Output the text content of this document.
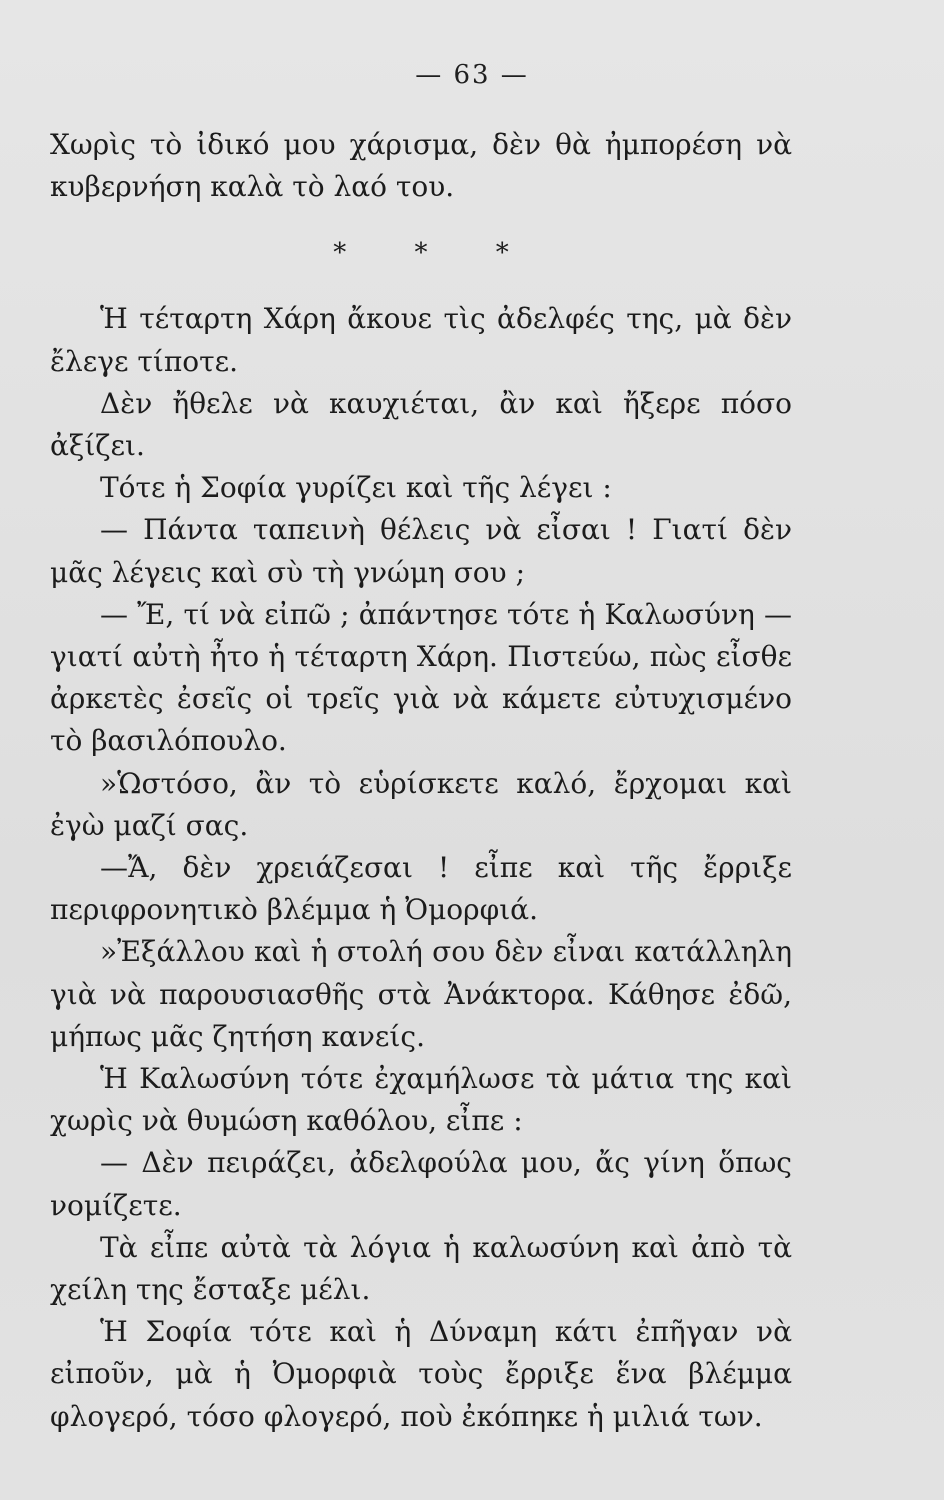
— 63 —

Χωρὶς τὸ ἰδικό μου χάρισμα, δὲν θὰ ἠμπορέση νὰ κυβερνήση καλὰ τὸ λαό του.

* * *

Ἡ τέταρτη Χάρη ἄκουε τὶς ἀδελφές της, μὰ δὲν ἔλεγε τίποτε.

Δὲν ἤθελε νὰ καυχιέται, ἂν καὶ ἤξερε πόσο ἀξίζει.

Τότε ἡ Σοφία γυρίζει καὶ τῆς λέγει :

— Πάντα ταπεινὴ θέλεις νὰ εἶσαι ! Γιατί δὲν μᾶς λέγεις καὶ σὺ τὴ γνώμη σου ;

— Ἔ, τί νὰ εἰπῶ ; ἀπάντησε τότε ἡ Καλωσύνη —γιατί αὐτὴ ἦτο ἡ τέταρτη Χάρη. Πιστεύω, πὼς εἶσθε ἀρκετὲς ἐσεῖς οἱ τρεῖς γιὰ νὰ κάμετε εὐτυχισμένο τὸ βασιλόπουλο.

»Ὡστόσο, ἂν τὸ εὑρίσκετε καλό, ἔρχομαι καὶ ἐγὼ μαζί σας.

—Ἄ, δὲν χρειάζεσαι ! εἶπε καὶ τῆς ἔρριξε περιφρονητικὸ βλέμμα ἡ Ὀμορφιά.

»Ἐξάλλου καὶ ἡ στολή σου δὲν εἶναι κατάλληλη γιὰ νὰ παρουσιασθῆς στὰ Ἀνάκτορα. Κάθησε ἐδῶ, μήπως μᾶς ζητήση κανείς.

Ἡ Καλωσύνη τότε ἐχαμήλωσε τὰ μάτια της καὶ χωρὶς νὰ θυμώση καθόλου, εἶπε :

— Δὲν πειράζει, ἀδελφούλα μου, ἄς γίνη ὅπως νομίζετε.

Τὰ εἶπε αὐτὰ τὰ λόγια ἡ καλωσύνη καὶ ἀπὸ τὰ χείλη της ἔσταξε μέλι.

Ἡ Σοφία τότε καὶ ἡ Δύναμη κάτι ἐπῆγαν νὰ εἰποῦν, μὰ ἡ Ὀμορφιὰ τοὺς ἔρριξε ἕνα βλέμμα φλογερό, τόσο φλογερό, ποὺ ἐκόπηκε ἡ μιλιά των.
